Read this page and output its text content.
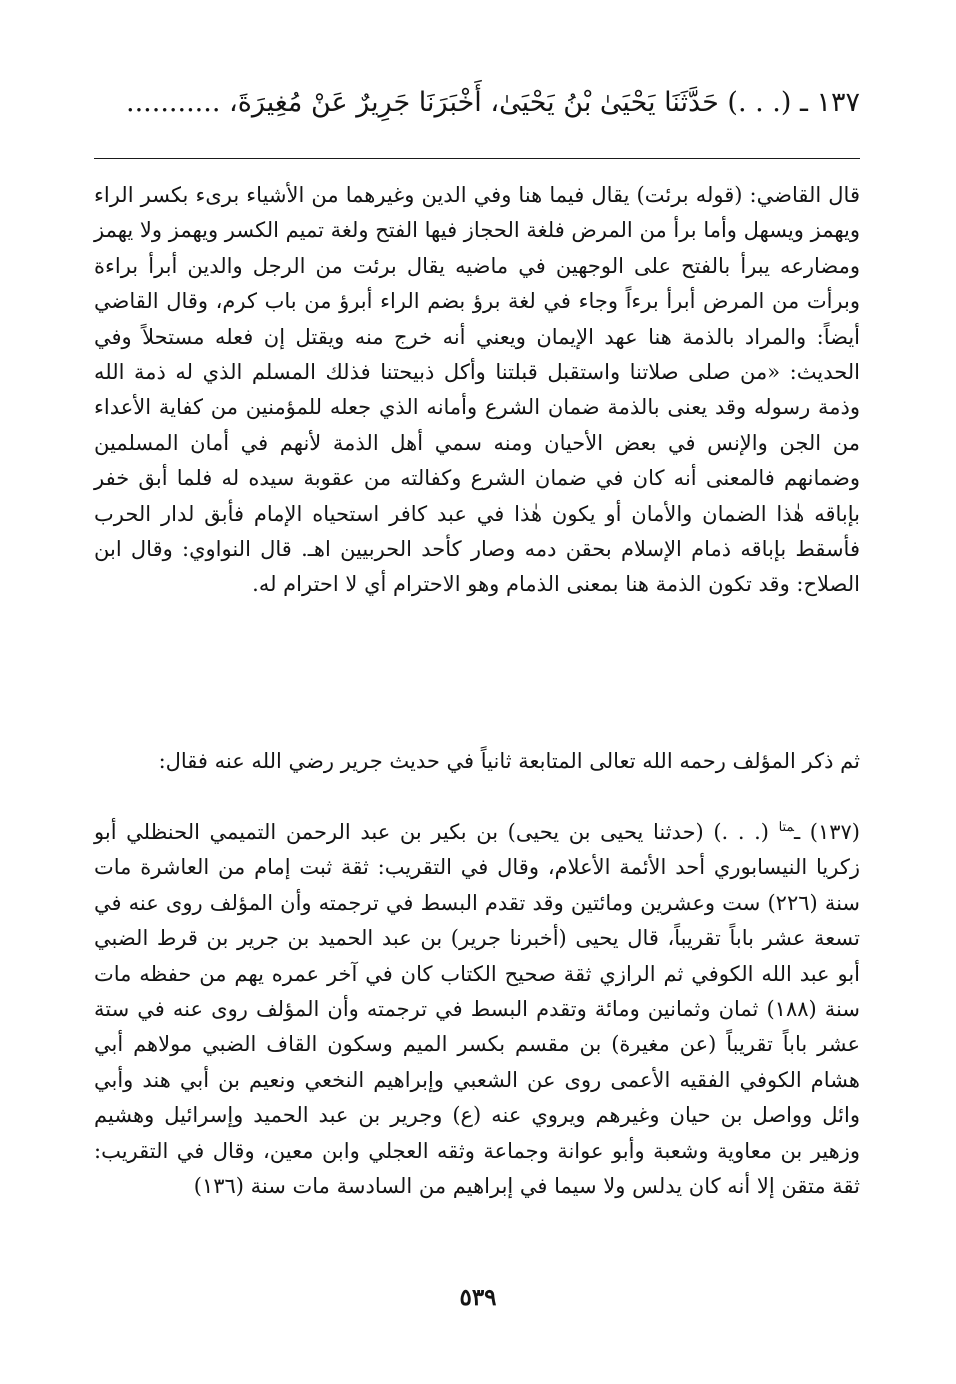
١٣٧ ـ (. . .) حَدَّثَنَا يَحْيَىٰ بْنُ يَحْيَىٰ، أَخْبَرَنَا جَرِيرٌ عَنْ مُغِيرَةَ، ...........

قال القاضي: (قوله برئت) يقال فيما هنا وفي الدين وغيرهما من الأشياء برىء بكسر الراء ويهمز ويسهل وأما برأ من المرض فلغة الحجاز فيها الفتح ولغة تميم الكسر ويهمز ولا يهمز ومضارعه يبرأ بالفتح على الوجهين في ماضيه يقال برئت من الرجل والدين أبرأ براءة وبرأت من المرض أبرأ برءاً وجاء في لغة برؤ بضم الراء أبرؤ من باب كرم، وقال القاضي أيضاً: والمراد بالذمة هنا عهد الإيمان ويعني أنه خرج منه ويقتل إن فعله مستحلاً وفي الحديث: «من صلى صلاتنا واستقبل قبلتنا وأكل ذبيحتنا فذلك المسلم الذي له ذمة الله وذمة رسوله وقد يعنى بالذمة ضمان الشرع وأمانه الذي جعله للمؤمنين من كفاية الأعداء من الجن والإنس في بعض الأحيان ومنه سمي أهل الذمة لأنهم في أمان المسلمين وضمانهم فالمعنى أنه كان في ضمان الشرع وكفالته من عقوبة سيده له فلما أبق خفر بإباقه هٰذا الضمان والأمان أو يكون هٰذا في عبد كافر استحياه الإمام فأبق لدار الحرب فأسقط بإباقه ذمام الإسلام بحقن دمه وصار كأحد الحربيين اهـ. قال النواوي: وقال ابن الصلاح: وقد تكون الذمة هنا بمعنى الذمام وهو الاحترام أي لا احترام له.

ثم ذكر المؤلف رحمه الله تعالى المتابعة ثانياً في حديث جرير رضي الله عنه فقال:

(١٣٧) ـ$^{متا}$ (. . .) (حدثنا يحيى بن يحيى) بن بكير بن عبد الرحمن التميمي الحنظلي أبو زكريا النيسابوري أحد الأئمة الأعلام، وقال في التقريب: ثقة ثبت إمام من العاشرة مات سنة (٢٢٦) ست وعشرين ومائتين وقد تقدم البسط في ترجمته وأن المؤلف روى عنه في تسعة عشر باباً تقريباً، قال يحيى (أخبرنا جرير) بن عبد الحميد بن جرير بن قرط الضبي أبو عبد الله الكوفي ثم الرازي ثقة صحيح الكتاب كان في آخر عمره يهم من حفظه مات سنة (١٨٨) ثمان وثمانين ومائة وتقدم البسط في ترجمته وأن المؤلف روى عنه في ستة عشر باباً تقريباً (عن مغيرة) بن مقسم بكسر الميم وسكون القاف الضبي مولاهم أبي هشام الكوفي الفقيه الأعمى روى عن الشعبي وإبراهيم النخعي ونعيم بن أبي هند وأبي وائل وواصل بن حيان وغيرهم ويروي عنه (ع) وجرير بن عبد الحميد وإسرائيل وهشيم وزهير بن معاوية وشعبة وأبو عوانة وجماعة وثقه العجلي وابن معين، وقال في التقريب: ثقة متقن إلا أنه كان يدلس ولا سيما في إبراهيم من السادسة مات سنة (١٣٦)

٥٣٩
